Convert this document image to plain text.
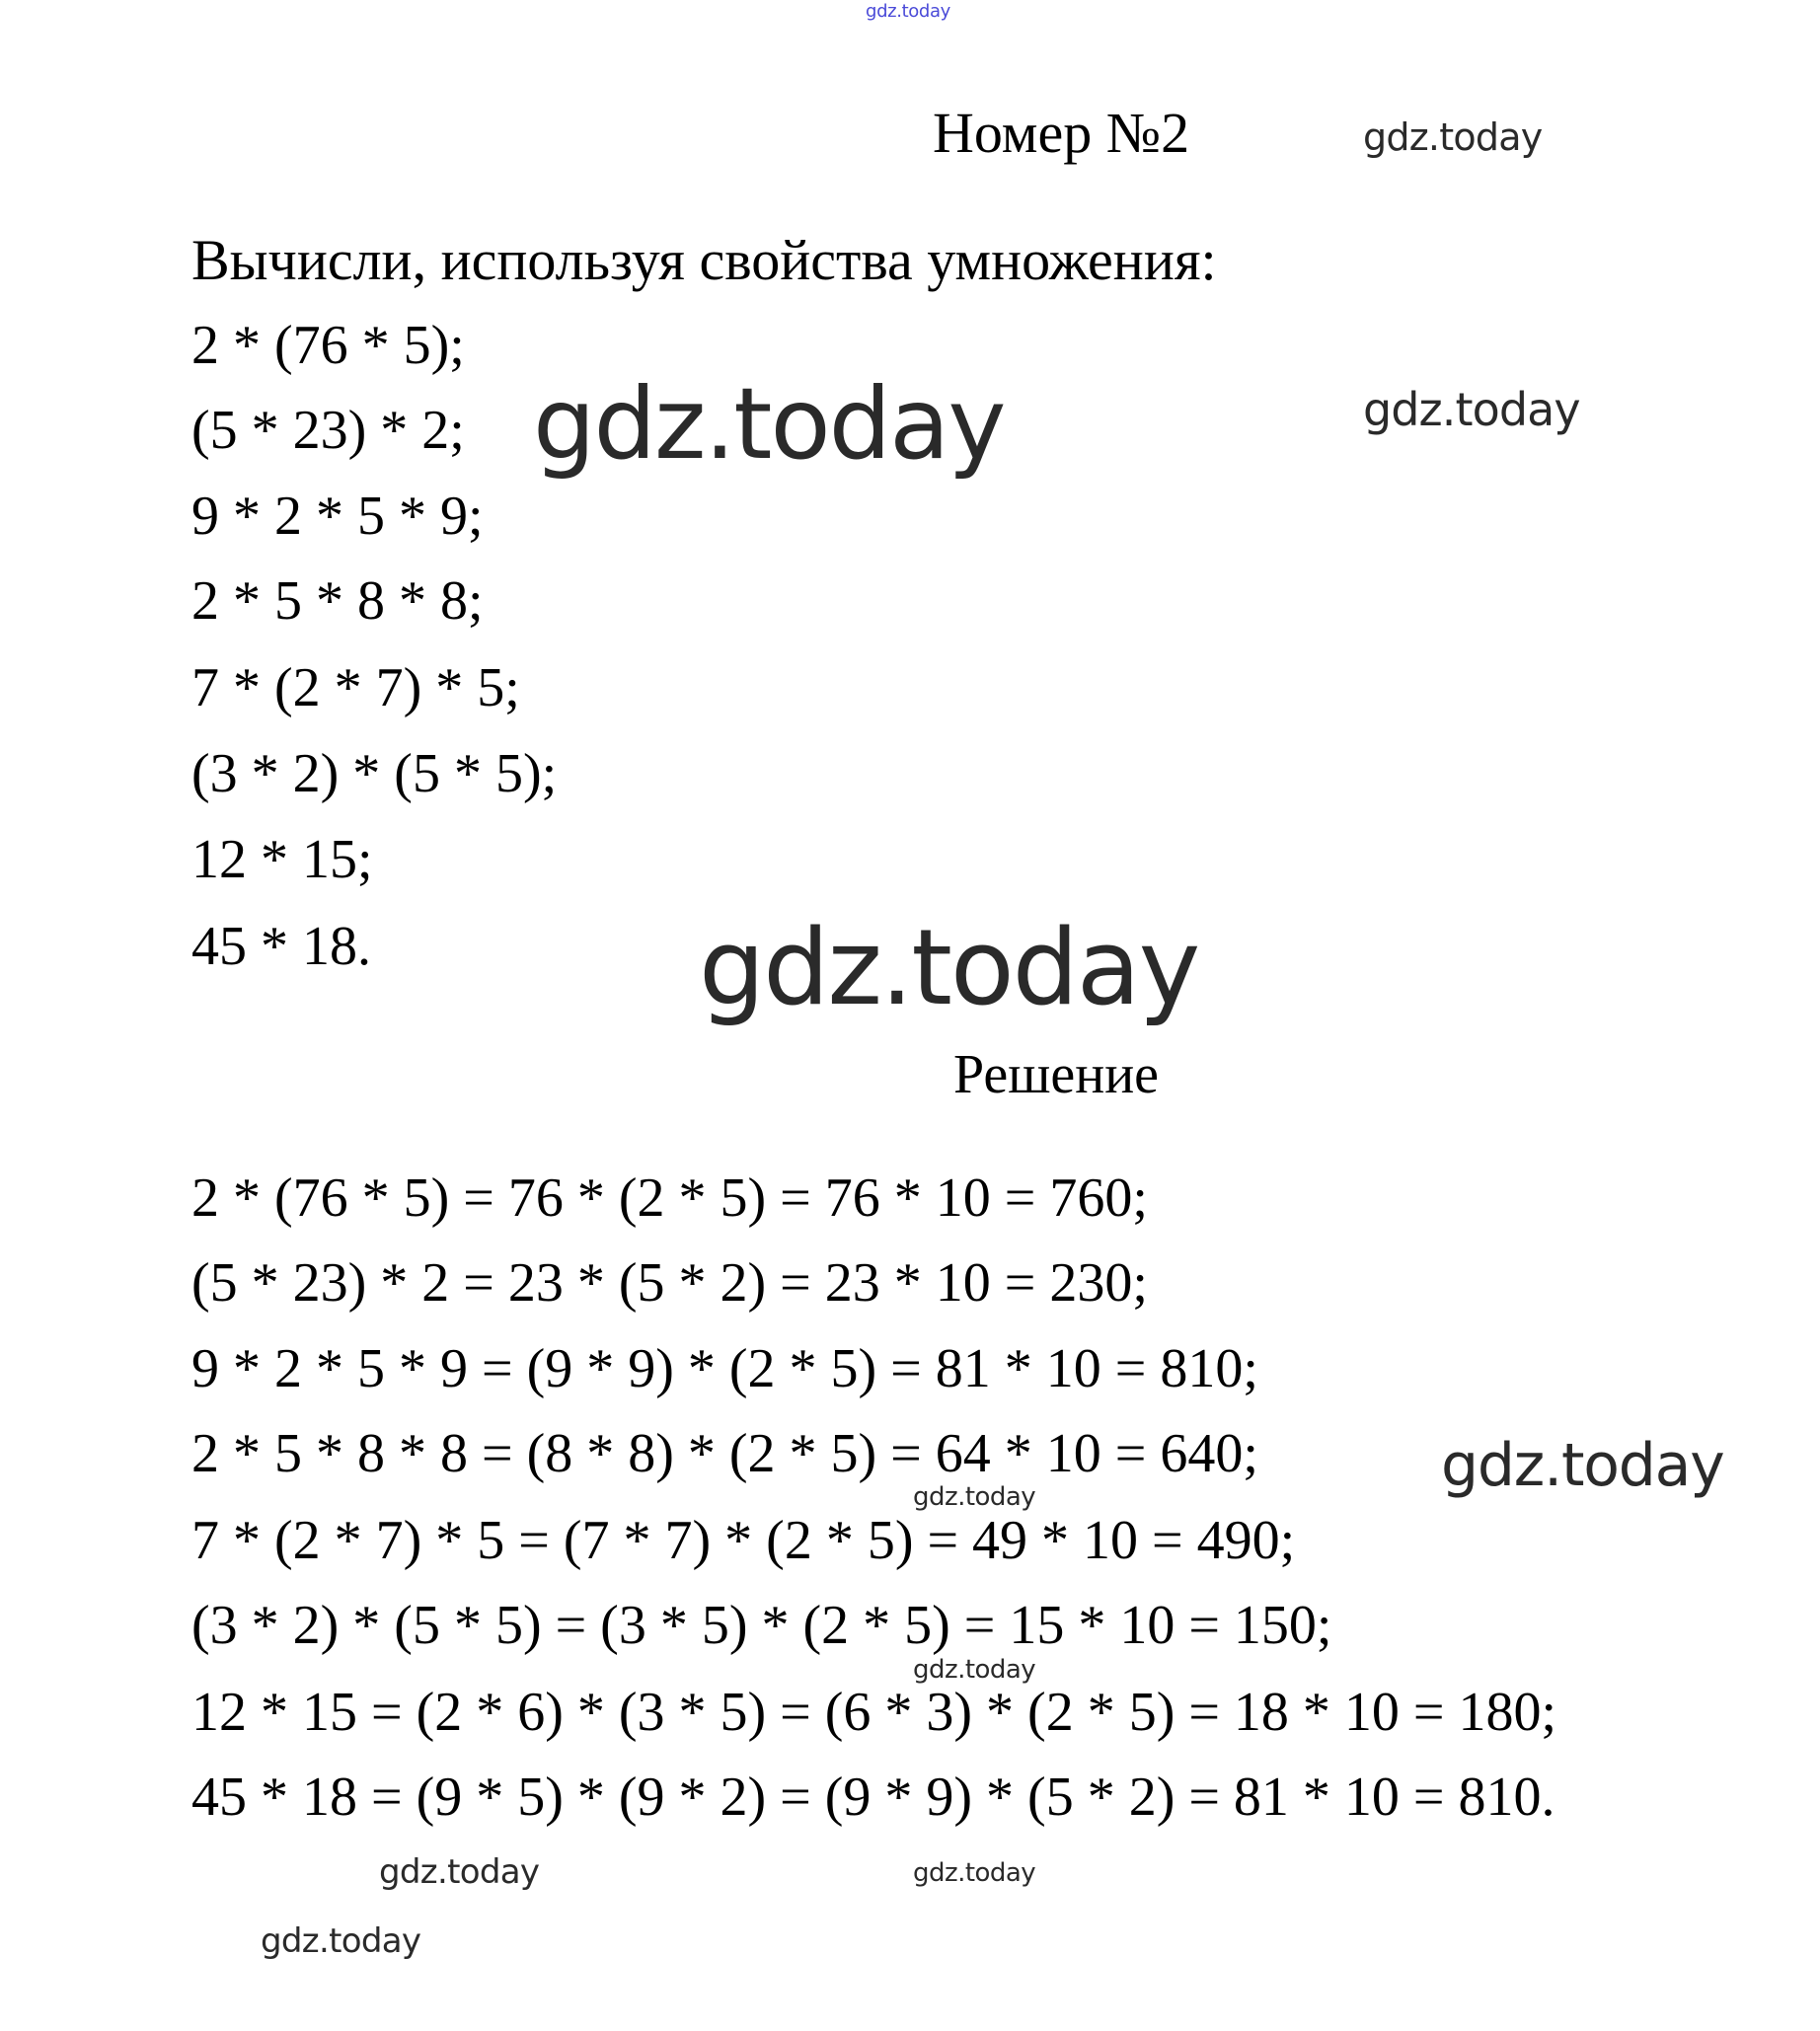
gdz.today
Номер №2	gdz.today
Вычисли, используя свойства умножения:
2 * (76 * 5);
(5 * 23) * 2;
9 * 2 * 5 * 9;
2 * 5 * 8 * 8;
7 * (2 * 7) * 5;
(3 * 2) * (5 * 5);
12 * 15;
45 * 18.
gdz.today	gdz.today
gdz.today
Решение
2 * (76 * 5) = 76 * (2 * 5) = 76 * 10 = 760;
(5 * 23) * 2 = 23 * (5 * 2) = 23 * 10 = 230;
9 * 2 * 5 * 9 = (9 * 9) * (2 * 5) = 81 * 10 = 810;
2 * 5 * 8 * 8 = (8 * 8) * (2 * 5) = 64 * 10 = 640;
7 * (2 * 7) * 5 = (7 * 7) * (2 * 5) = 49 * 10 = 490;
(3 * 2) * (5 * 5) = (3 * 5) * (2 * 5) = 15 * 10 = 150;
12 * 15 = (2 * 6) * (3 * 5) = (6 * 3) * (2 * 5) = 18 * 10 = 180;
45 * 18 = (9 * 5) * (9 * 2) = (9 * 9) * (5 * 2) = 81 * 10 = 810.
gdz.today
gdz.today	gdz.today
gdz.today
gdz.today
gdz.today
